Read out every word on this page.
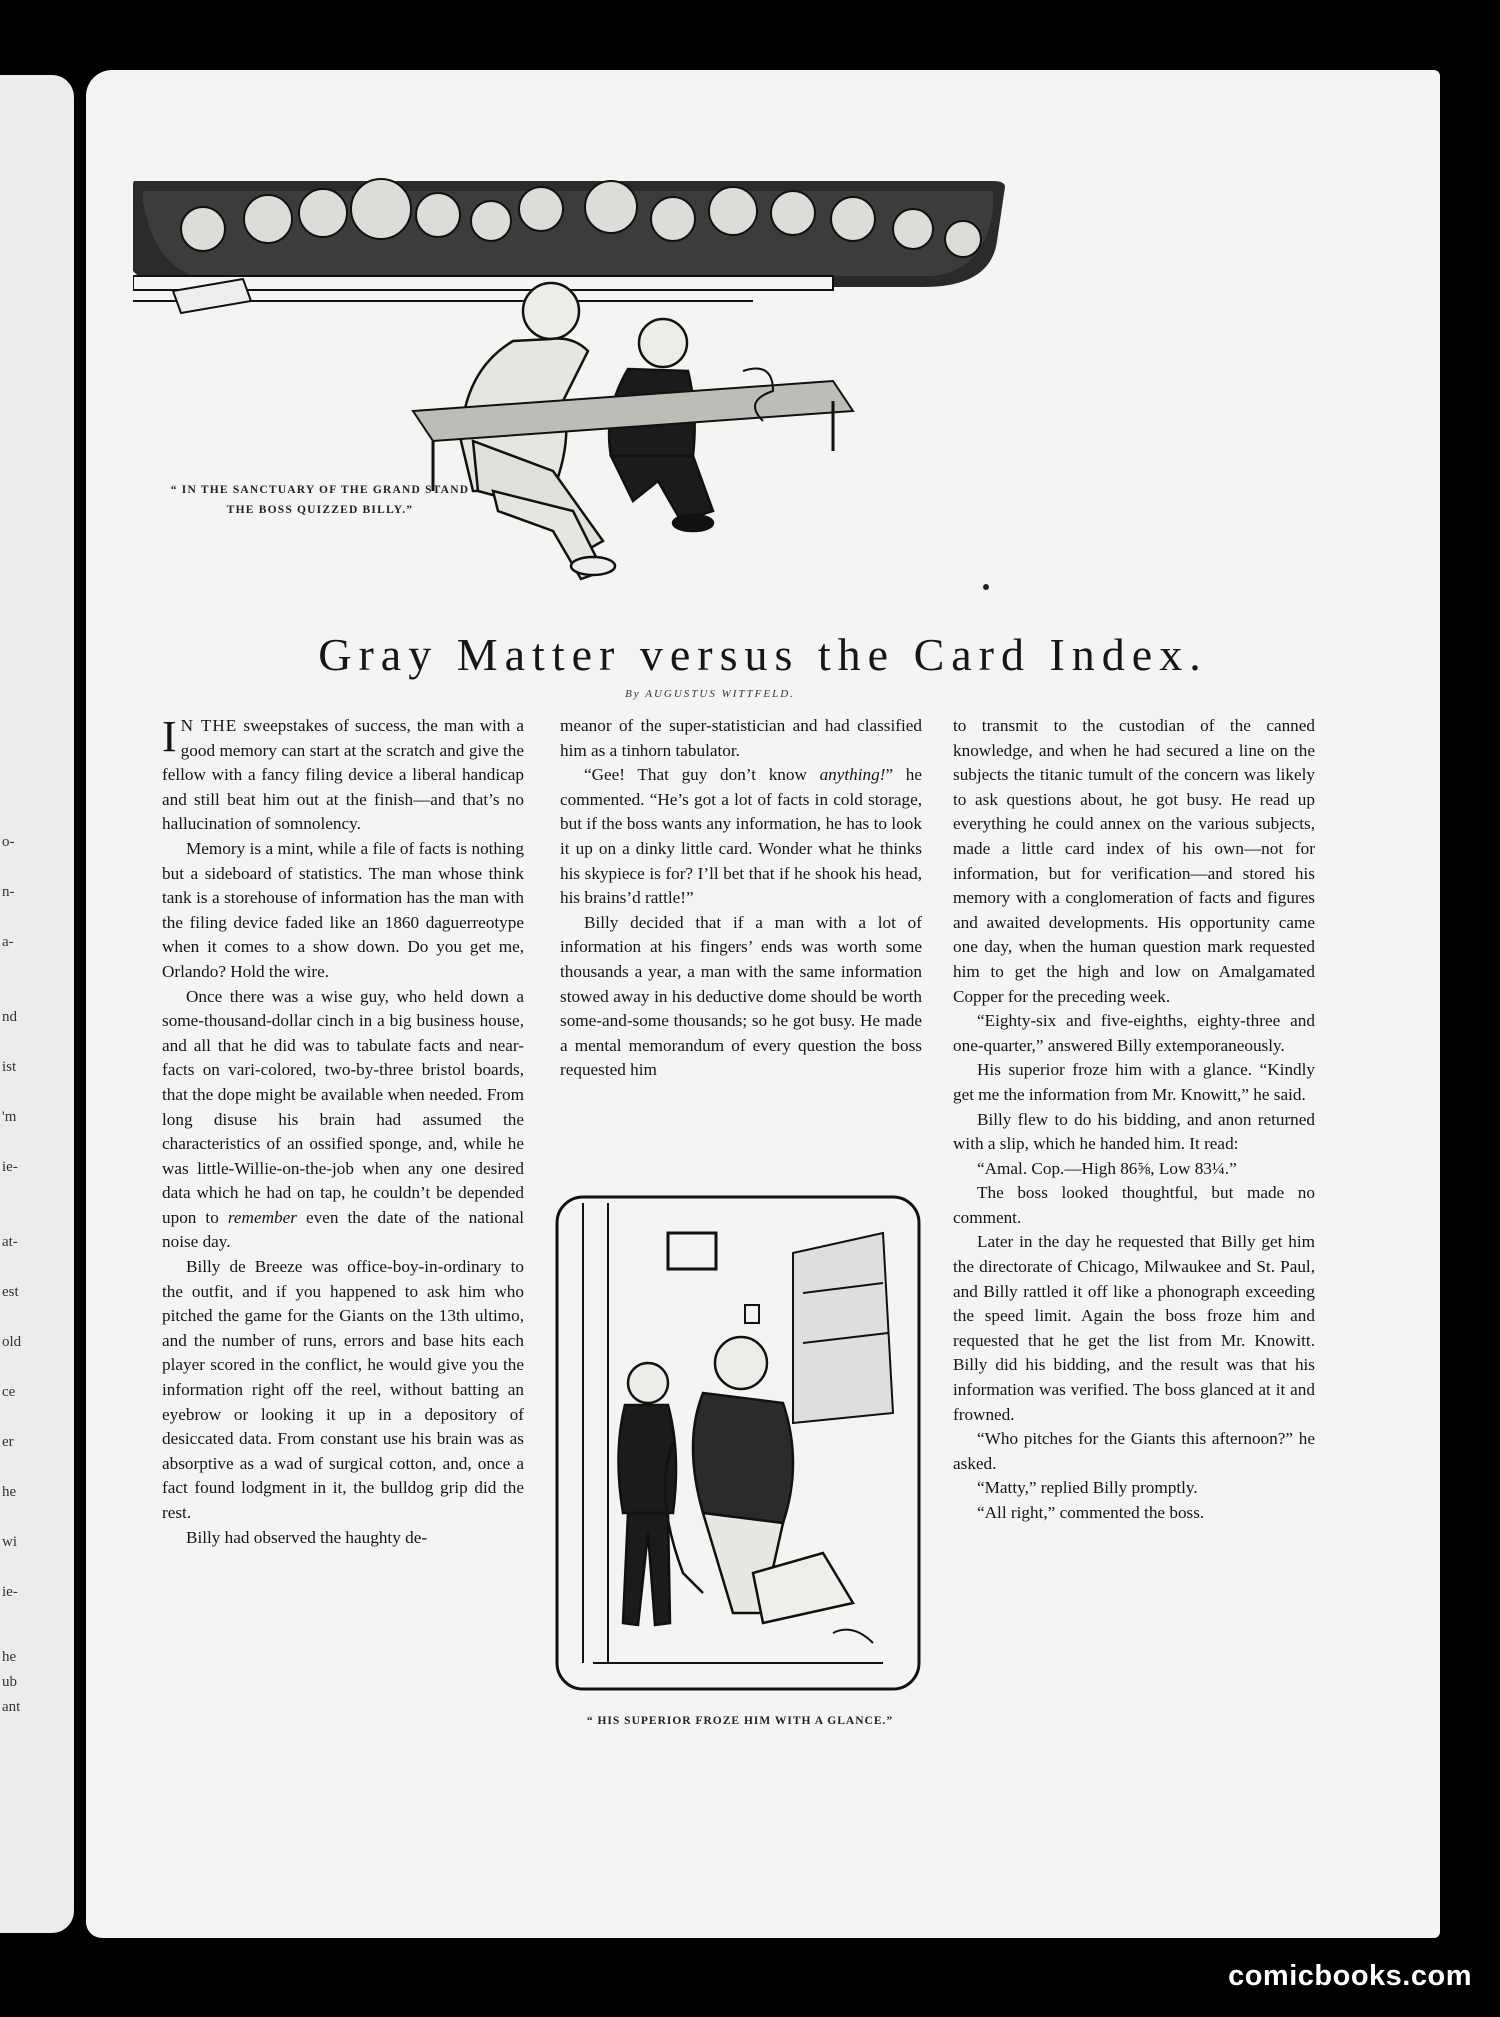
o-
n-
a-
nd
ist
'm
ie-
at-
est
old
ce
er
he
wi
ie-
he
ub
ant
“ IN THE SANCTUARY OF THE GRAND STAND
THE BOSS QUIZZED BILLY.”
Gray Matter versus the Card Index.
By AUGUSTUS WITTFELD.

I N THE sweepstakes of success, the man with a good memory can start at the scratch and give the fellow with a fancy filing device a liberal handicap and still beat him out at the finish—and that’s no hallucination of somnolency.

Memory is a mint, while a file of facts is nothing but a sideboard of statistics. The man whose think tank is a storehouse of information has the man with the filing device faded like an 1860 daguerreotype when it comes to a show down. Do you get me, Orlando? Hold the wire.

Once there was a wise guy, who held down a some-thousand-dollar cinch in a big business house, and all that he did was to tabulate facts and near-facts on vari-colored, two-by-three bristol boards, that the dope might be available when needed. From long disuse his brain had assumed the characteristics of an ossified sponge, and, while he was little-Willie-on-the-job when any one desired data which he had on tap, he couldn’t be depended upon to remember even the date of the national noise day.

Billy de Breeze was office-boy-in-ordinary to the outfit, and if you happened to ask him who pitched the game for the Giants on the 13th ultimo, and the number of runs, errors and base hits each player scored in the conflict, he would give you the information right off the reel, without batting an eyebrow or looking it up in a depository of desiccated data. From constant use his brain was as absorptive as a wad of surgical cotton, and, once a fact found lodgment in it, the bulldog grip did the rest.

Billy had observed the haughty de-

meanor of the super-statistician and had classified him as a tinhorn tabulator.

“Gee! That guy don’t know anything!” he commented. “He’s got a lot of facts in cold storage, but if the boss wants any information, he has to look it up on a dinky little card. Wonder what he thinks his skypiece is for? I’ll bet that if he shook his head, his brains’d rattle!”

Billy decided that if a man with a lot of information at his fingers’ ends was worth some thousands a year, a man with the same information stowed away in his deductive dome should be worth some-and-some thousands; so he got busy. He made a mental memorandum of every question the boss requested him

“ HIS SUPERIOR FROZE HIM WITH A GLANCE.”

to transmit to the custodian of the canned knowledge, and when he had secured a line on the subjects the titanic tumult of the concern was likely to ask questions about, he got busy. He read up everything he could annex on the various subjects, made a little card index of his own—not for information, but for verification—and stored his memory with a conglomeration of facts and figures and awaited developments. His opportunity came one day, when the human question mark requested him to get the high and low on Amalgamated Copper for the preceding week.

“Eighty-six and five-eighths, eighty-three and one-quarter,” answered Billy extemporaneously.

His superior froze him with a glance. “Kindly get me the information from Mr. Knowitt,” he said.

Billy flew to do his bidding, and anon returned with a slip, which he handed him. It read:

“Amal. Cop.—High 86⅝, Low 83¼.”

The boss looked thoughtful, but made no comment.

Later in the day he requested that Billy get him the directorate of Chicago, Milwaukee and St. Paul, and Billy rattled it off like a phonograph exceeding the speed limit. Again the boss froze him and requested that he get the list from Mr. Knowitt. Billy did his bidding, and the result was that his information was verified. The boss glanced at it and frowned.

“Who pitches for the Giants this afternoon?” he asked.

“Matty,” replied Billy promptly.

“All right,” commented the boss.

comicbooks.com
